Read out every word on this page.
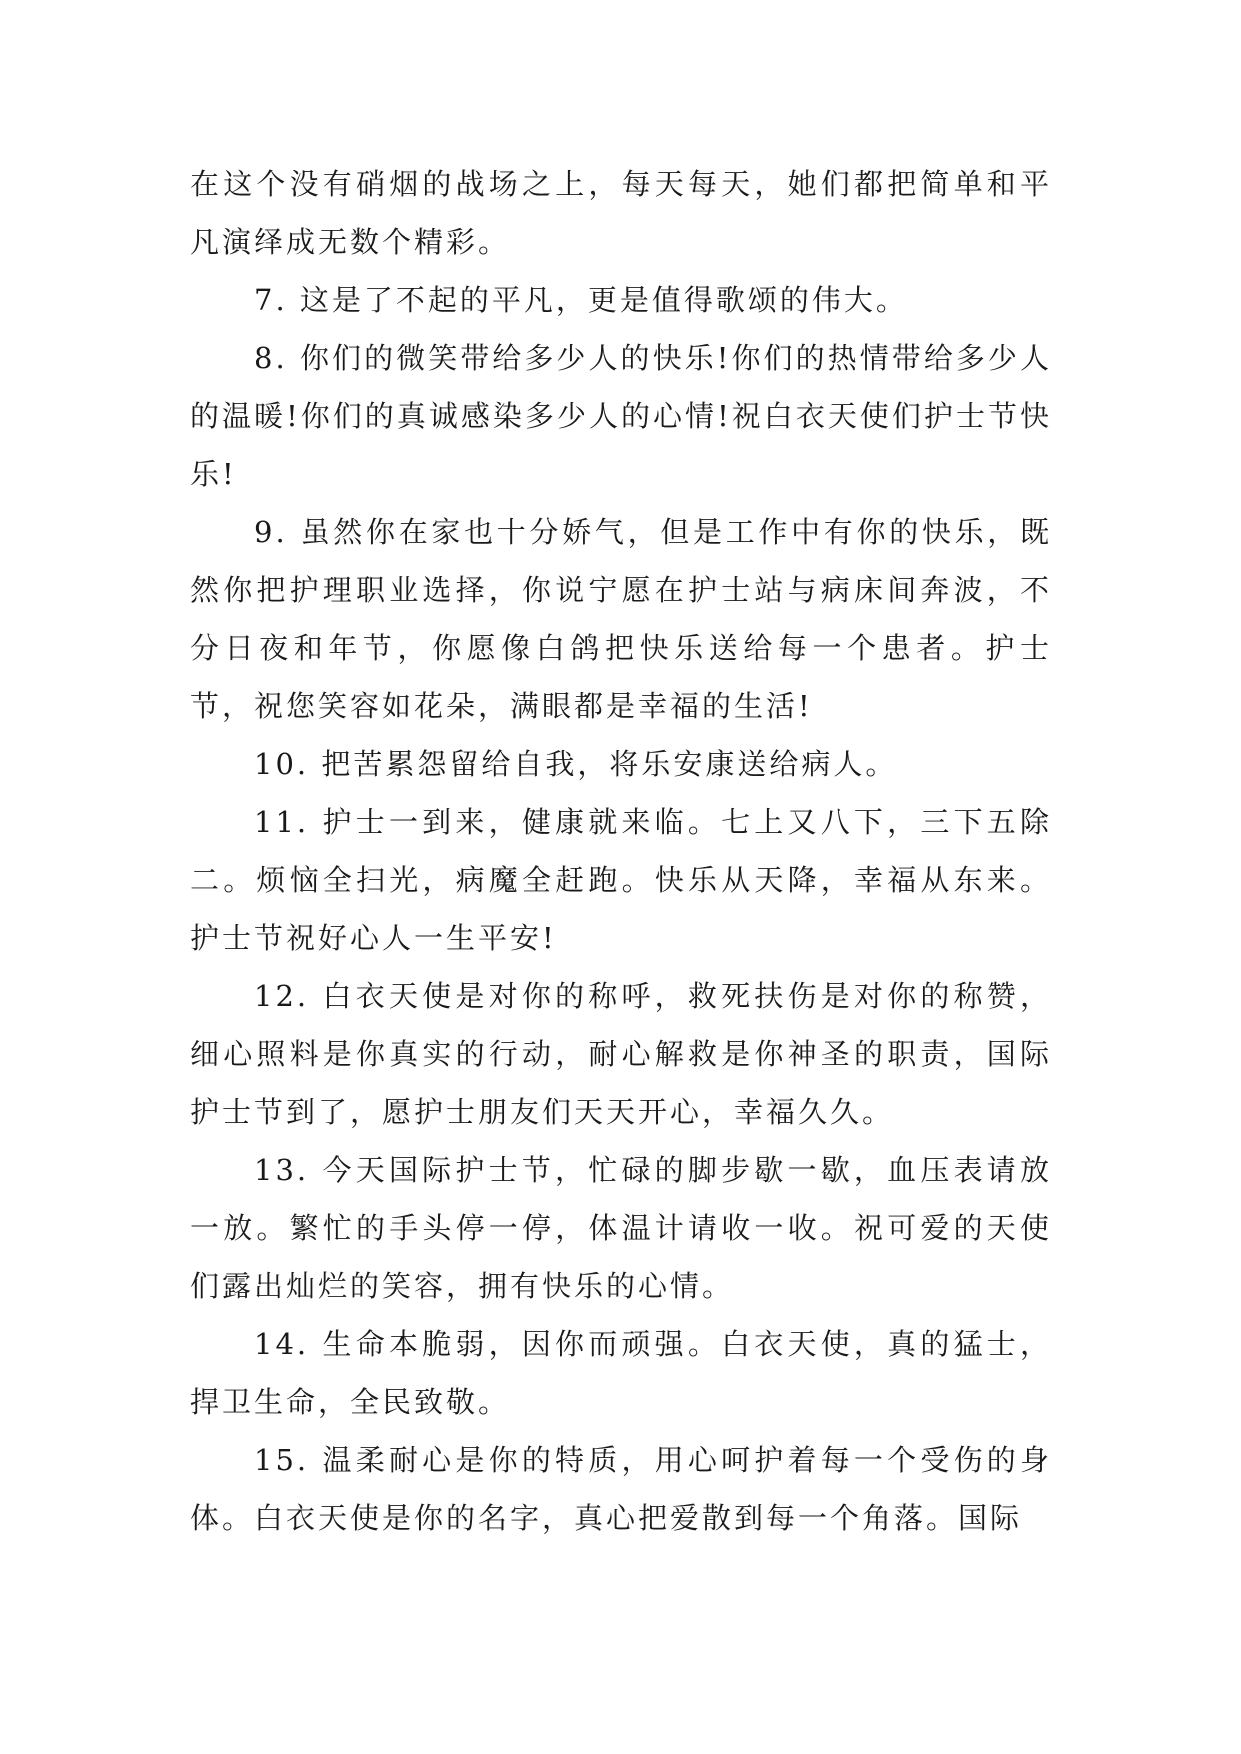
在这个没有硝烟的战场之上，每天每天，她们都把简单和平凡演绎成无数个精彩。

7. 这是了不起的平凡，更是值得歌颂的伟大。

8. 你们的微笑带给多少人的快乐!你们的热情带给多少人的温暖!你们的真诚感染多少人的心情!祝白衣天使们护士节快乐!

9. 虽然你在家也十分娇气，但是工作中有你的快乐，既然你把护理职业选择，你说宁愿在护士站与病床间奔波，不分日夜和年节，你愿像白鸽把快乐送给每一个患者。护士节，祝您笑容如花朵，满眼都是幸福的生活!

10. 把苦累怨留给自我，将乐安康送给病人。

11. 护士一到来，健康就来临。七上又八下，三下五除二。烦恼全扫光，病魔全赶跑。快乐从天降，幸福从东来。护士节祝好心人一生平安!

12. 白衣天使是对你的称呼，救死扶伤是对你的称赞，细心照料是你真实的行动，耐心解救是你神圣的职责，国际护士节到了，愿护士朋友们天天开心，幸福久久。

13. 今天国际护士节，忙碌的脚步歇一歇，血压表请放一放。繁忙的手头停一停，体温计请收一收。祝可爱的天使们露出灿烂的笑容，拥有快乐的心情。

14. 生命本脆弱，因你而顽强。白衣天使，真的猛士，捍卫生命，全民致敬。

15. 温柔耐心是你的特质，用心呵护着每一个受伤的身体。白衣天使是你的名字，真心把爱散到每一个角落。国际
